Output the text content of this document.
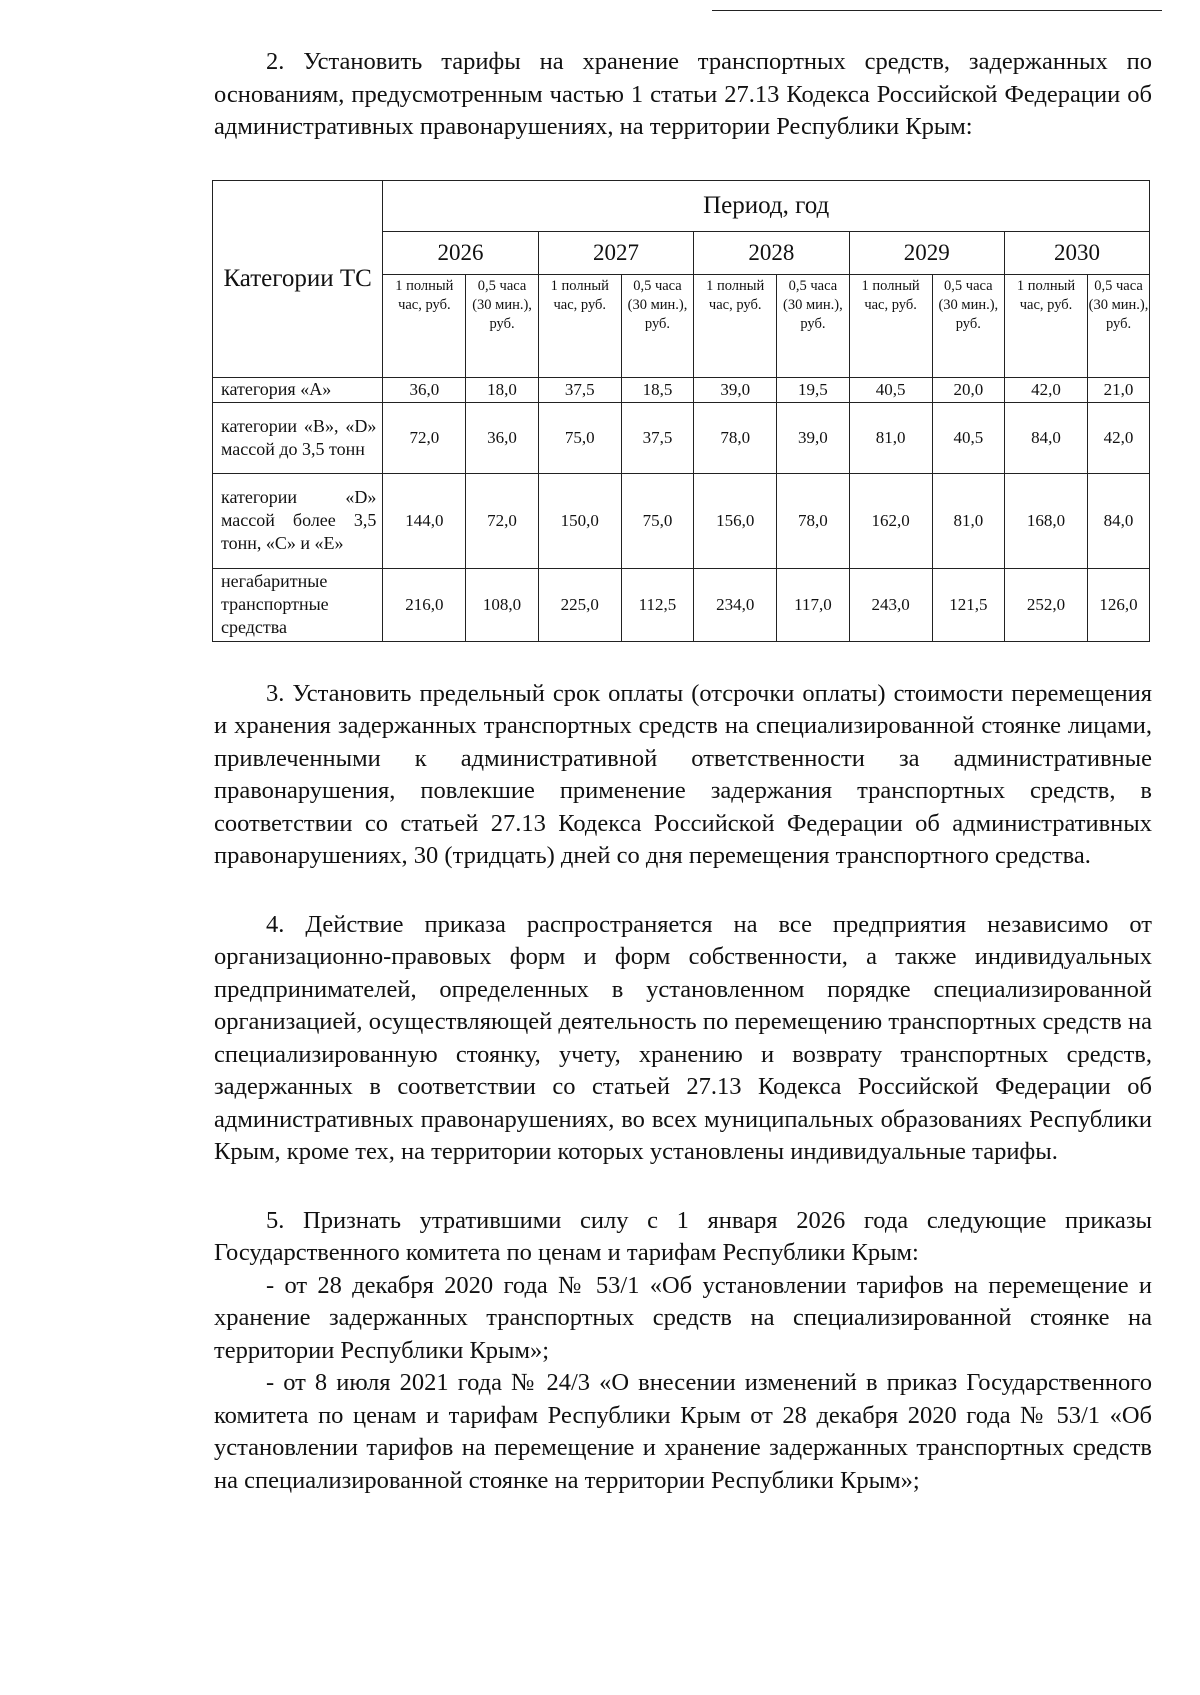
2. Установить тарифы на хранение транспортных средств, задержанных по основаниям, предусмотренным частью 1 статьи 27.13 Кодекса Российской Федерации об административных правонарушениях, на территории Республики Крым:

Категории ТС	Период, год									
	2026		2027		2028		2029		2030	
	1 полный час, руб.	0,5 часа (30 мин.), руб.	1 полный час, руб.	0,5 часа (30 мин.), руб.	1 полный час, руб.	0,5 часа (30 мин.), руб.	1 полный час, руб.	0,5 часа (30 мин.), руб.	1 полный час, руб.	0,5 часа (30 мин.), руб.
категория «А»	36,0	18,0	37,5	18,5	39,0	19,5	40,5	20,0	42,0	21,0
категории «В», «D» массой до 3,5 тонн	72,0	36,0	75,0	37,5	78,0	39,0	81,0	40,5	84,0	42,0
категории «D» массой более 3,5 тонн, «С» и «Е»	144,0	72,0	150,0	75,0	156,0	78,0	162,0	81,0	168,0	84,0
негабаритные транспортные средства	216,0	108,0	225,0	112,5	234,0	117,0	243,0	121,5	252,0	126,0

3. Установить предельный срок оплаты (отсрочки оплаты) стоимости перемещения и хранения задержанных транспортных средств на специализированной стоянке лицами, привлеченными к административной ответственности за административные правонарушения, повлекшие применение задержания транспортных средств, в соответствии со статьей 27.13 Кодекса Российской Федерации об административных правонарушениях, 30 (тридцать) дней со дня перемещения транспортного средства.

4. Действие приказа распространяется на все предприятия независимо от организационно-правовых форм и форм собственности, а также индивидуальных предпринимателей, определенных в установленном порядке специализированной организацией, осуществляющей деятельность по перемещению транспортных средств на специализированную стоянку, учету, хранению и возврату транспортных средств, задержанных в соответствии со статьей 27.13 Кодекса Российской Федерации об административных правонарушениях, во всех муниципальных образованиях Республики Крым, кроме тех, на территории которых установлены индивидуальные тарифы.

5. Признать утратившими силу с 1 января 2026 года следующие приказы Государственного комитета по ценам и тарифам Республики Крым:

- от 28 декабря 2020 года № 53/1 «Об установлении тарифов на перемещение и хранение задержанных транспортных средств на специализированной стоянке на территории Республики Крым»;

- от 8 июля 2021 года № 24/3 «О внесении изменений в приказ Государственного комитета по ценам и тарифам Республики Крым от 28 декабря 2020 года № 53/1 «Об установлении тарифов на перемещение и хранение задержанных транспортных средств на специализированной стоянке на территории Республики Крым»;
